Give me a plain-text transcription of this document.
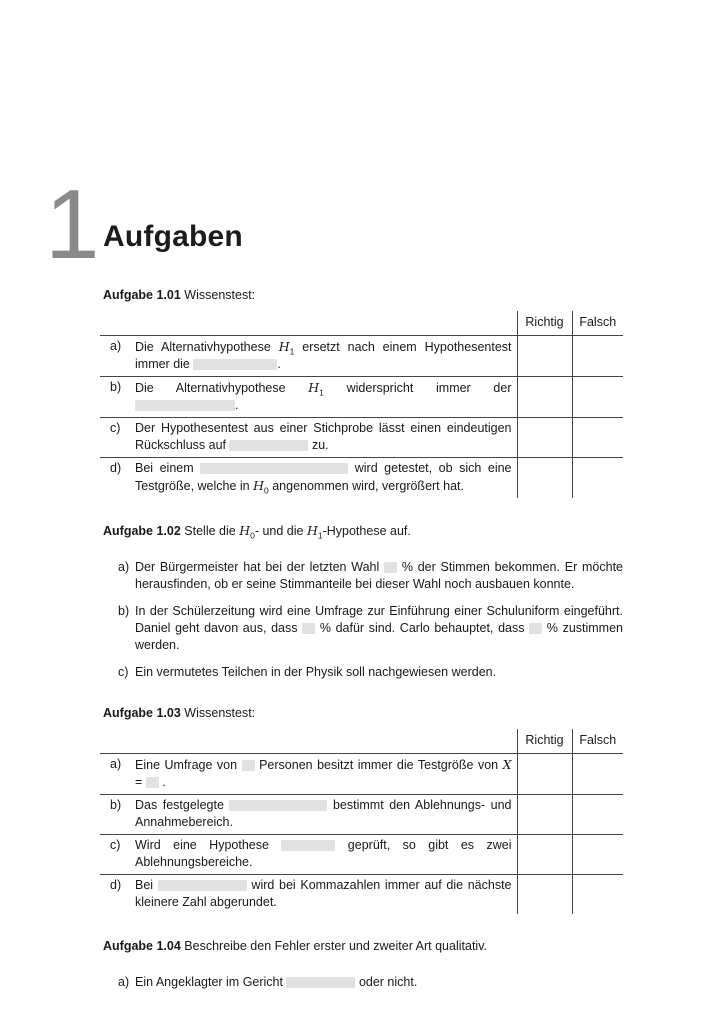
1 Aufgaben

Aufgabe 1.01 Wissenstest:

		Richtig	Falsch
a)	Die Alternativhypothese $H_1$ ersetzt nach einem Hypothesentest immer die .		
b)	Die Alternativhypothese $H_1$ widerspricht immer der .		
c)	Der Hypothesentest aus einer Stichprobe lässt einen eindeutigen Rückschluss auf zu.		
d)	Bei einem wird getestet, ob sich eine Testgröße, welche in $H_0$ angenommen wird, vergrößert hat.		

Aufgabe 1.02 Stelle die $H_0-$ und die $H_1$-Hypothese auf.

a) Der Bürgermeister hat bei der letzten Wahl  % der Stimmen bekommen. Er möchte herausfinden, ob er seine Stimmanteile bei dieser Wahl noch ausbauen konnte.
b) In der Schülerzeitung wird eine Umfrage zur Einführung einer Schuluniform eingeführt. Daniel geht davon aus, dass  % dafür sind. Carlo behauptet, dass  % zustimmen werden.
c) Ein vermutetes Teilchen in der Physik soll nachgewiesen werden.

Aufgabe 1.03 Wissenstest:

		Richtig	Falsch
a)	Eine Umfrage von  Personen besitzt immer die Testgröße von X =  .		
b)	Das festgelegte bestimmt den Ablehnungs- und Annahmebereich.		
c)	Wird eine Hypothese geprüft, so gibt es zwei Ablehnungsbereiche.		
d)	Bei wird bei Kommazahlen immer auf die nächste kleinere Zahl abgerundet.		

Aufgabe 1.04 Beschreibe den Fehler erster und zweiter Art qualitativ.

a) Ein Angeklagter im Gericht	oder nicht.
